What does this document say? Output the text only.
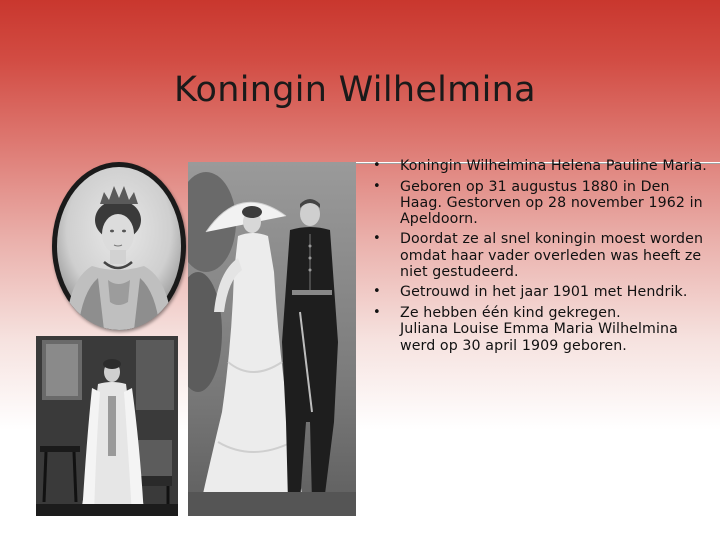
Koningin Wilhelmina
• Koningin Wilhelmina Helena Pauline Maria.
• Geboren op 31 augustus 1880 in Den Haag. Gestorven op 28 november 1962 in Apeldoorn.
• Doordat ze al snel koningin moest worden omdat haar vader overleden was heeft ze niet gestudeerd.
• Getrouwd in het jaar 1901 met Hendrik.
• Ze hebben één kind gekregen.
Juliana Louise Emma Maria Wilhelmina werd op 30 april 1909 geboren.
